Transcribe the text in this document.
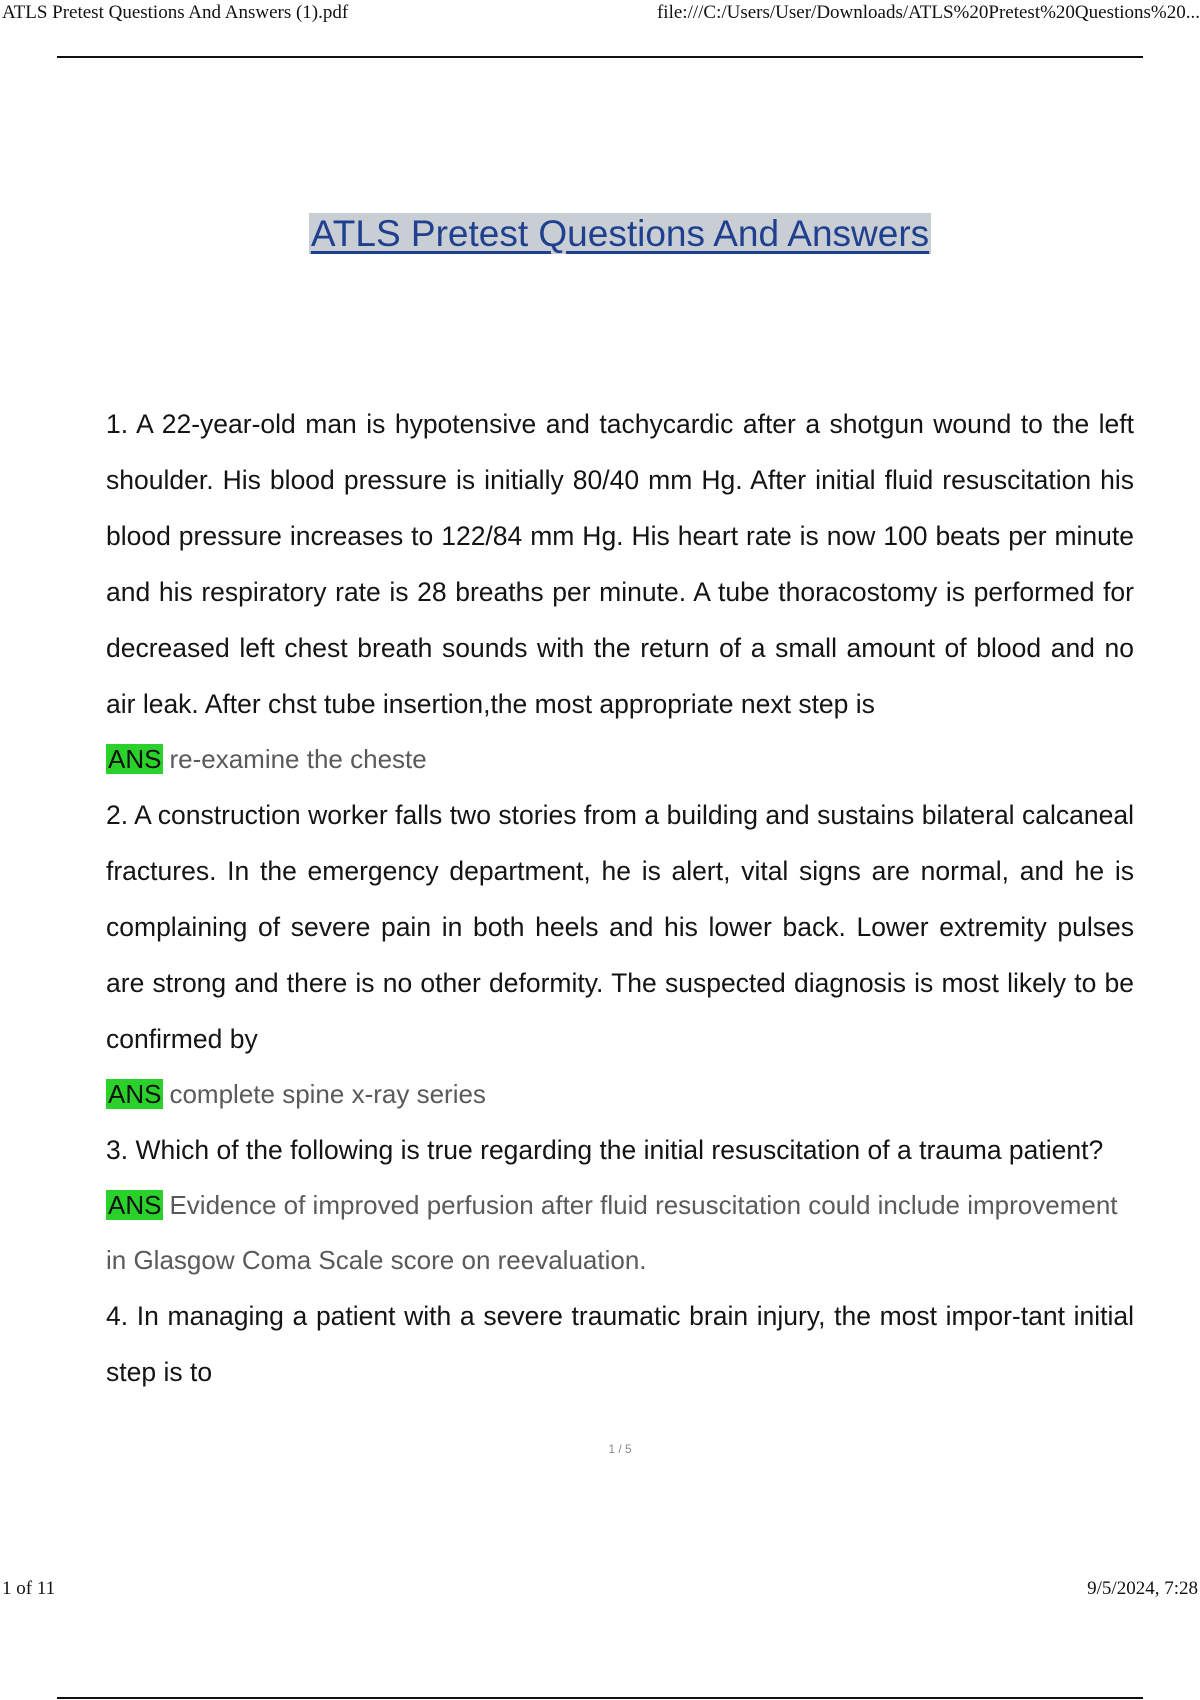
ATLS Pretest Questions And Answers (1).pdf	file:///C:/Users/User/Downloads/ATLS%20Pretest%20Questions%20...
ATLS Pretest Questions And Answers

1. A 22-year-old man is hypotensive and tachycardic after a shotgun wound to the left shoulder. His blood pressure is initially 80/40 mm Hg. After initial fluid resuscitation his blood pressure increases to 122/84 mm Hg. His heart rate is now 100 beats per minute and his respiratory rate is 28 breaths per minute. A tube thoracostomy is performed for decreased left chest breath sounds with the return of a small amount of blood and no air leak. After chst tube insertion,the most appropriate next step is

ANS re-examine the cheste

2. A construction worker falls two stories from a building and sustains bilateral calcaneal fractures. In the emergency department, he is alert, vital signs are normal, and he is complaining of severe pain in both heels and his lower back. Lower extremity pulses are strong and there is no other deformity. The suspected diagnosis is most likely to be confirmed by

ANS complete spine x-ray series

3. Which of the following is true regarding the initial resuscitation of a trauma patient?

ANS Evidence of improved perfusion after fluid resuscitation could include improvement in Glasgow Coma Scale score on reevaluation.

4. In managing a patient with a severe traumatic brain injury, the most impor-tant initial step is to

1 / 5
1 of 11	9/5/2024, 7:28
